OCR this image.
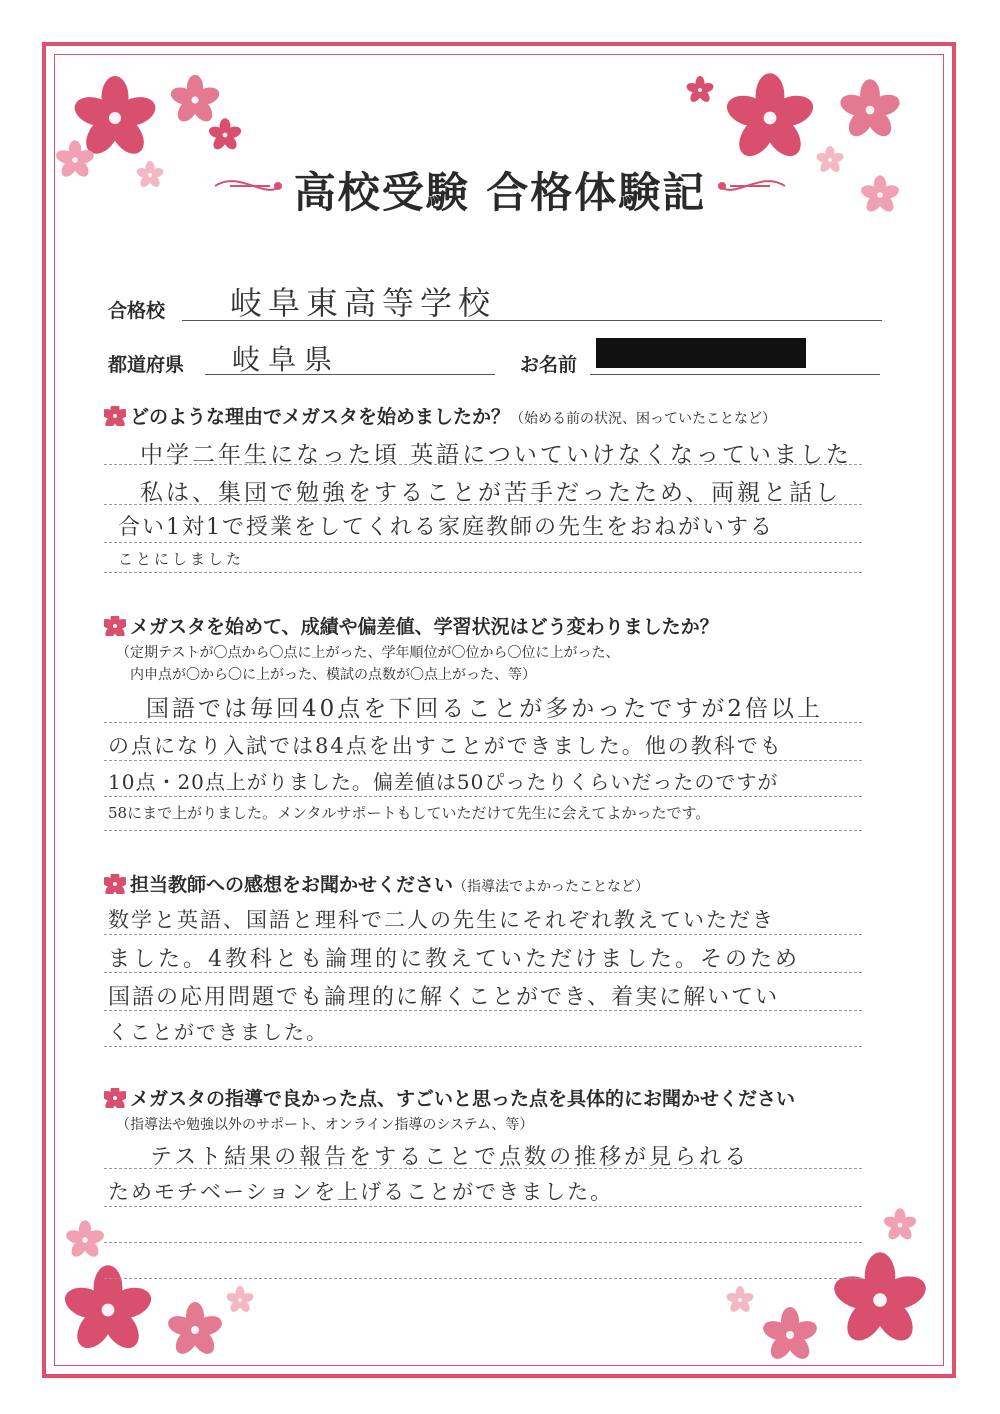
高校受験 合格体験記
合格校 岐阜東高等学校
都道府県 岐阜県	お名前
どのような理由でメガスタを始めましたか？（始める前の状況、困っていたことなど）
中学二年生になった頃 英語についていけなくなっていました
私は、集団で勉強をすることが苦手だったため、両親と話し
合い1対1で授業をしてくれる家庭教師の先生をおねがいする
ことにしました
メガスタを始めて、成績や偏差値、学習状況はどう変わりましたか？
（定期テストが〇点から〇点に上がった、学年順位が〇位から〇位に上がった、
内申点が〇から〇に上がった、模試の点数が〇点上がった、等）
国語では毎回40点を下回ることが多かったですが2倍以上
の点になり入試では84点を出すことができました。他の教科でも
10点・20点上がりました。偏差値は50ぴったりくらいだったのですが
58にまで上がりました。メンタルサポートもしていただけて先生に会えてよかったです。
担当教師への感想をお聞かせください（指導法でよかったことなど）
数学と英語、国語と理科で二人の先生にそれぞれ教えていただき
ました。4教科とも論理的に教えていただけました。そのため
国語の応用問題でも論理的に解くことができ、着実に解いてい
くことができました。
メガスタの指導で良かった点、すごいと思った点を具体的にお聞かせください
（指導法や勉強以外のサポート、オンライン指導のシステム、等）
テスト結果の報告をすることで点数の推移が見られる
ためモチベーションを上げることができました。
